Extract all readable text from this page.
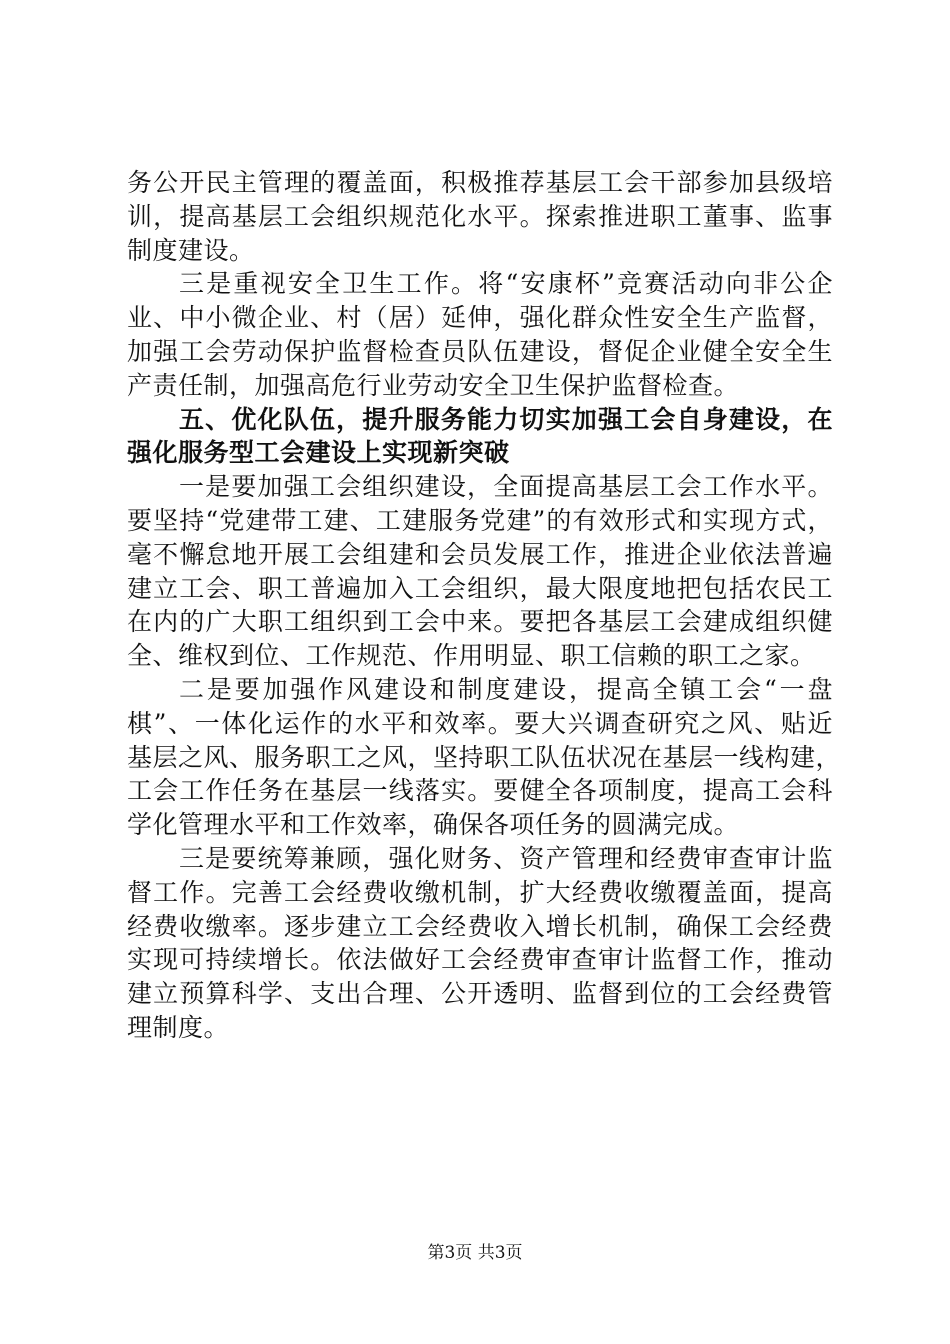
务公开民主管理的覆盖面，积极推荐基层工会干部参加县级培
训，提高基层工会组织规范化水平。探索推进职工董事、监事
制度建设。
三是重视安全卫生工作。将“安康杯”竞赛活动向非公企
业、中小微企业、村（居）延伸，强化群众性安全生产监督，
加强工会劳动保护监督检查员队伍建设，督促企业健全安全生
产责任制，加强高危行业劳动安全卫生保护监督检查。
五、优化队伍，提升服务能力切实加强工会自身建设，在
强化服务型工会建设上实现新突破
一是要加强工会组织建设，全面提高基层工会工作水平。
要坚持“党建带工建、工建服务党建”的有效形式和实现方式，
毫不懈怠地开展工会组建和会员发展工作，推进企业依法普遍
建立工会、职工普遍加入工会组织，最大限度地把包括农民工
在内的广大职工组织到工会中来。要把各基层工会建成组织健
全、维权到位、工作规范、作用明显、职工信赖的职工之家。
二是要加强作风建设和制度建设，提高全镇工会“一盘
棋”、一体化运作的水平和效率。要大兴调查研究之风、贴近
基层之风、服务职工之风，坚持职工队伍状况在基层一线构建，
工会工作任务在基层一线落实。要健全各项制度，提高工会科
学化管理水平和工作效率，确保各项任务的圆满完成。
三是要统筹兼顾，强化财务、资产管理和经费审查审计监
督工作。完善工会经费收缴机制，扩大经费收缴覆盖面，提高
经费收缴率。逐步建立工会经费收入增长机制，确保工会经费
实现可持续增长。依法做好工会经费审查审计监督工作，推动
建立预算科学、支出合理、公开透明、监督到位的工会经费管
理制度。
第3页 共3页
